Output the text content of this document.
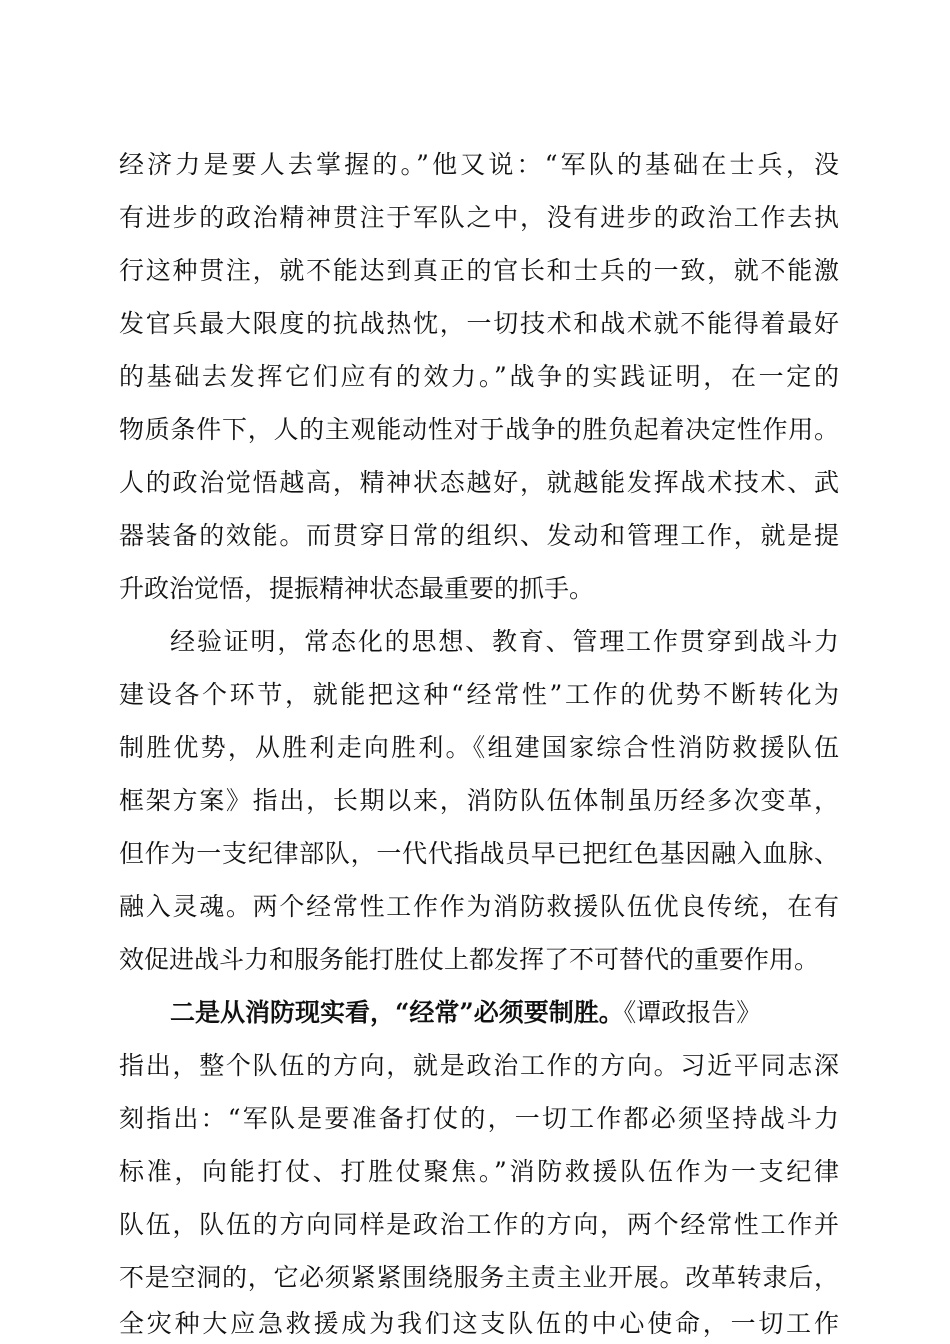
经济力是要人去掌握的。”他又说：“军队的基础在士兵，没
有进步的政治精神贯注于军队之中，没有进步的政治工作去执
行这种贯注，就不能达到真正的官长和士兵的一致，就不能激
发官兵最大限度的抗战热忱，一切技术和战术就不能得着最好
的基础去发挥它们应有的效力。”战争的实践证明，在一定的
物质条件下，人的主观能动性对于战争的胜负起着决定性作用。
人的政治觉悟越高，精神状态越好，就越能发挥战术技术、武
器装备的效能。而贯穿日常的组织、发动和管理工作，就是提
升政治觉悟，提振精神状态最重要的抓手。
经验证明，常态化的思想、教育、管理工作贯穿到战斗力
建设各个环节，就能把这种“经常性”工作的优势不断转化为
制胜优势，从胜利走向胜利。《组建国家综合性消防救援队伍
框架方案》指出，长期以来，消防队伍体制虽历经多次变革，
但作为一支纪律部队，一代代指战员早已把红色基因融入血脉、
融入灵魂。两个经常性工作作为消防救援队伍优良传统，在有
效促进战斗力和服务能打胜仗上都发挥了不可替代的重要作用。
二是从消防现实看，“经常”必须要制胜。《谭政报告》
指出，整个队伍的方向，就是政治工作的方向。习近平同志深
刻指出：“军队是要准备打仗的，一切工作都必须坚持战斗力
标准，向能打仗、打胜仗聚焦。”消防救援队伍作为一支纪律
队伍，队伍的方向同样是政治工作的方向，两个经常性工作并
不是空洞的，它必须紧紧围绕服务主责主业开展。改革转隶后，
全灾种大应急救援成为我们这支队伍的中心使命，一切工作
